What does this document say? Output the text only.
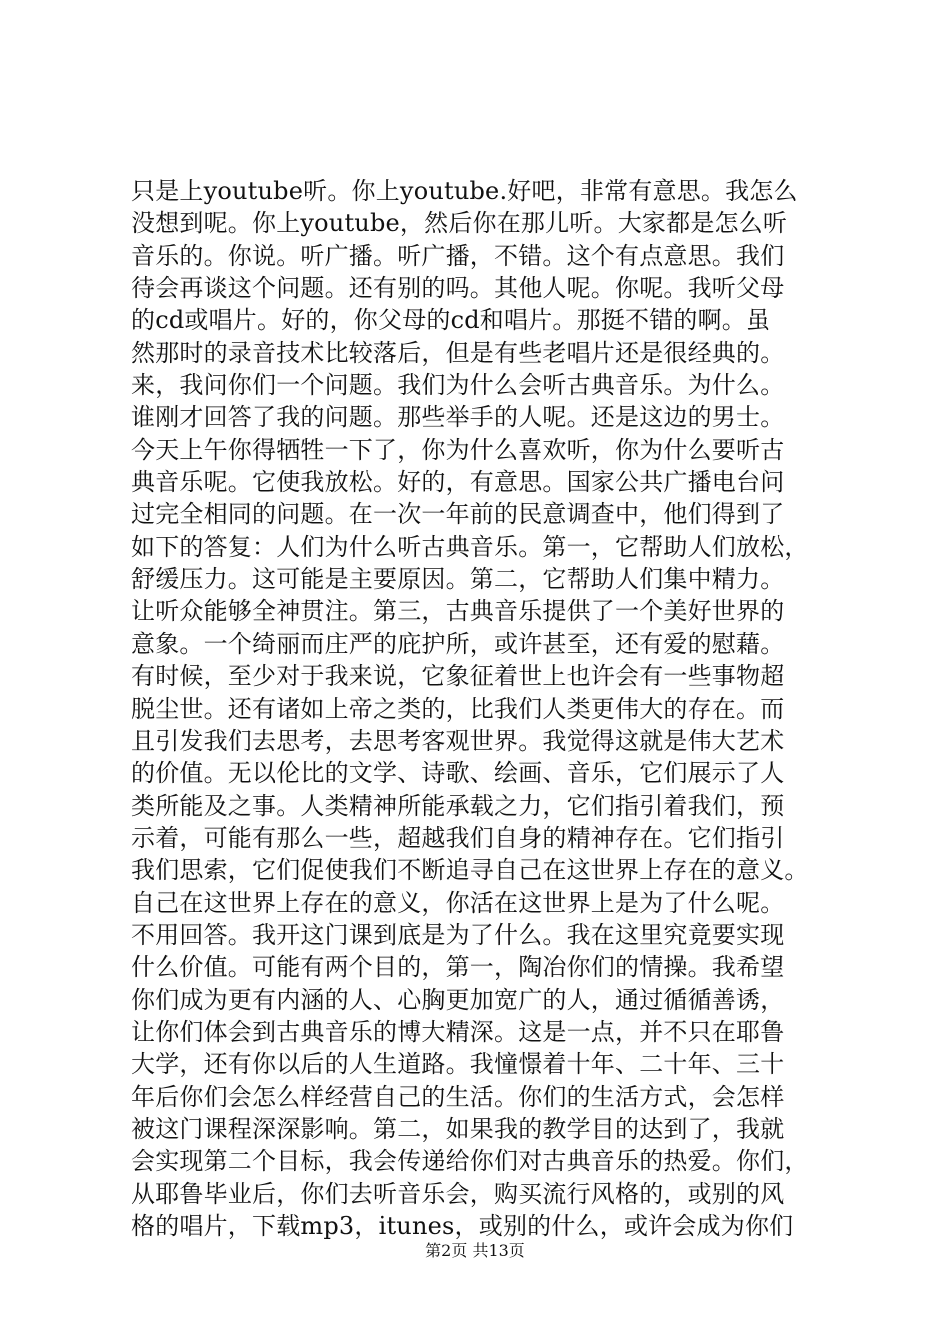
只是上youtube听。你上youtube.好吧，非常有意思。我怎么
没想到呢。你上youtube，然后你在那儿听。大家都是怎么听
音乐的。你说。听广播。听广播，不错。这个有点意思。我们
待会再谈这个问题。还有别的吗。其他人呢。你呢。我听父母
的cd或唱片。好的，你父母的cd和唱片。那挺不错的啊。虽
然那时的录音技术比较落后，但是有些老唱片还是很经典的。
来，我问你们一个问题。我们为什么会听古典音乐。为什么。
谁刚才回答了我的问题。那些举手的人呢。还是这边的男士。
今天上午你得牺牲一下了，你为什么喜欢听，你为什么要听古
典音乐呢。它使我放松。好的，有意思。国家公共广播电台问
过完全相同的问题。在一次一年前的民意调查中，他们得到了
如下的答复：人们为什么听古典音乐。第一，它帮助人们放松，
舒缓压力。这可能是主要原因。第二，它帮助人们集中精力。
让听众能够全神贯注。第三，古典音乐提供了一个美好世界的
意象。一个绮丽而庄严的庇护所，或许甚至，还有爱的慰藉。
有时候，至少对于我来说，它象征着世上也许会有一些事物超
脱尘世。还有诸如上帝之类的，比我们人类更伟大的存在。而
且引发我们去思考，去思考客观世界。我觉得这就是伟大艺术
的价值。无以伦比的文学、诗歌、绘画、音乐，它们展示了人
类所能及之事。人类精神所能承载之力，它们指引着我们，预
示着，可能有那么一些，超越我们自身的精神存在。它们指引
我们思索，它们促使我们不断追寻自己在这世界上存在的意义。
自己在这世界上存在的意义，你活在这世界上是为了什么呢。
不用回答。我开这门课到底是为了什么。我在这里究竟要实现
什么价值。可能有两个目的，第一，陶冶你们的情操。我希望
你们成为更有内涵的人、心胸更加宽广的人，通过循循善诱，
让你们体会到古典音乐的博大精深。这是一点，并不只在耶鲁
大学，还有你以后的人生道路。我憧憬着十年、二十年、三十
年后你们会怎么样经营自己的生活。你们的生活方式，会怎样
被这门课程深深影响。第二，如果我的教学目的达到了，我就
会实现第二个目标，我会传递给你们对古典音乐的热爱。你们，
从耶鲁毕业后，你们去听音乐会，购买流行风格的，或别的风
格的唱片，下载mp3，itunes，或别的什么，或许会成为你们
第2页 共13页
